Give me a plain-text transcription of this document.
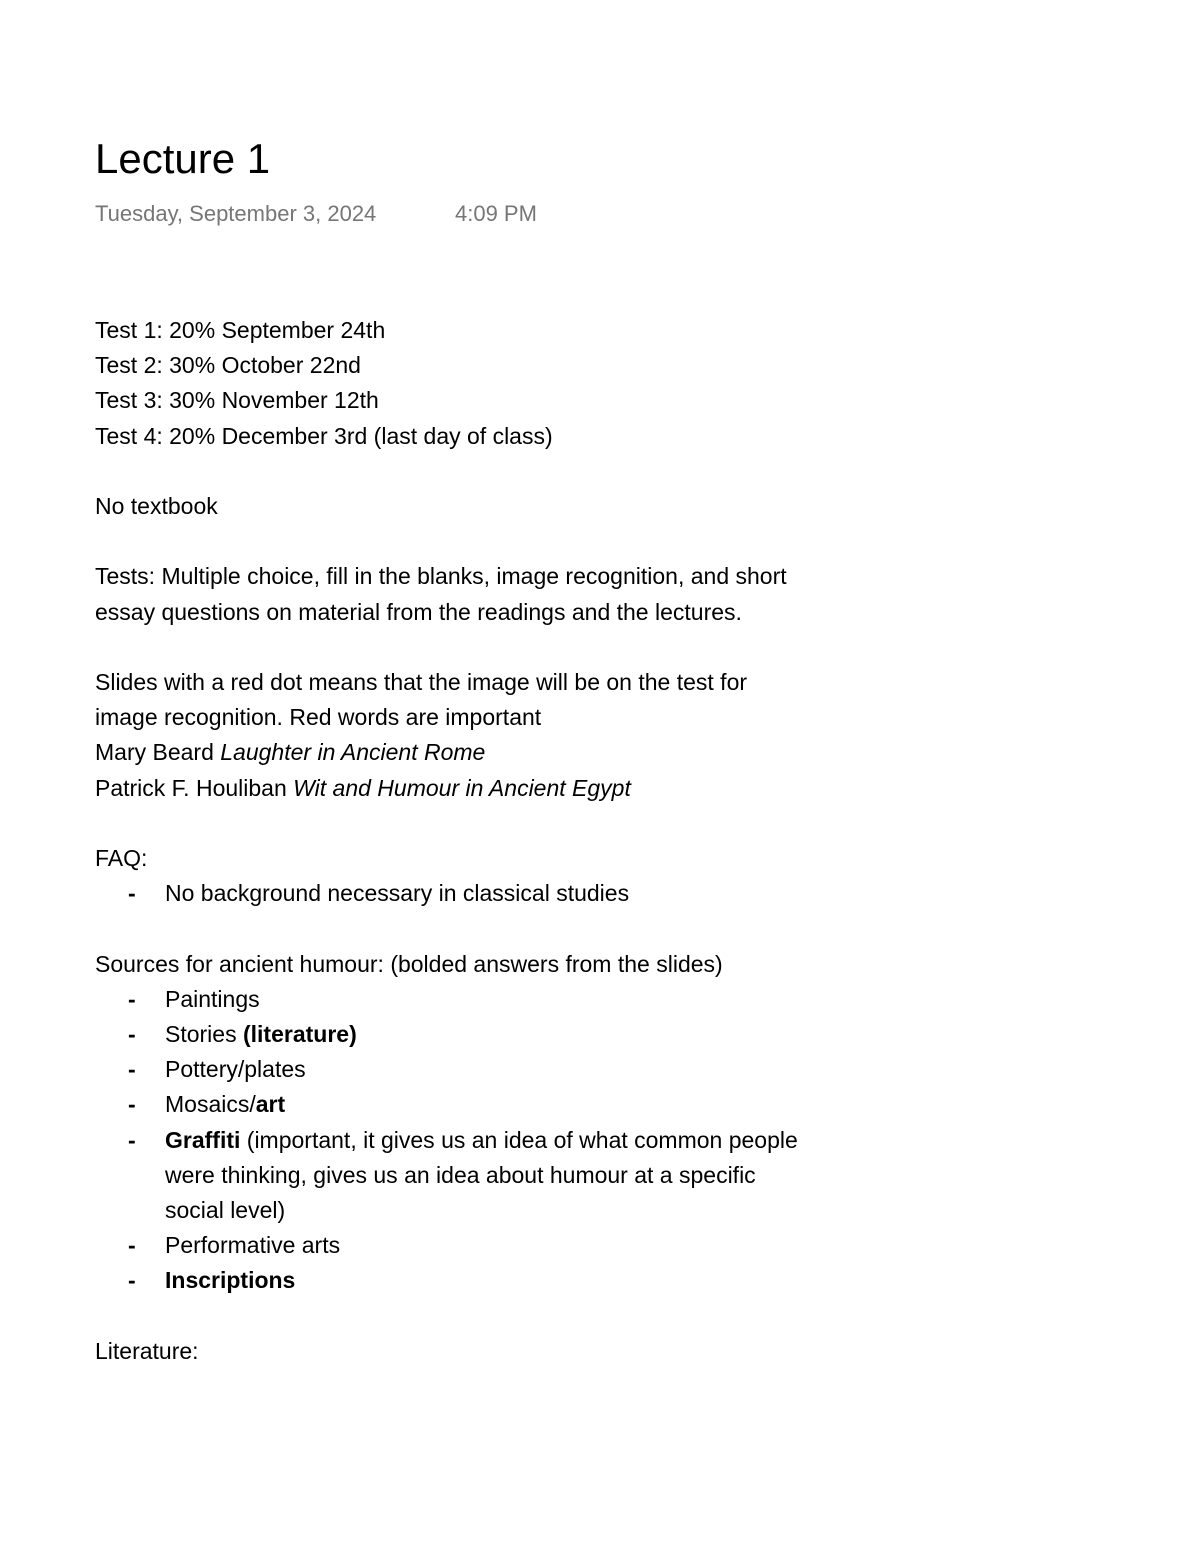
Lecture 1
Tuesday, September 3, 2024	4:09 PM
Test 1: 20% September 24th
Test 2: 30% October 22nd
Test 3: 30% November 12th
Test 4: 20% December 3rd (last day of class)
No textbook
Tests: Multiple choice, fill in the blanks, image recognition, and short essay questions on material from the readings and the lectures.
Slides with a red dot means that the image will be on the test for image recognition. Red words are important
Mary Beard Laughter in Ancient Rome
Patrick F. Houliban Wit and Humour in Ancient Egypt
FAQ:
- No background necessary in classical studies
Sources for ancient humour: (bolded answers from the slides)
- Paintings
- Stories (literature)
- Pottery/plates
- Mosaics/art
- Graffiti (important, it gives us an idea of what common people were thinking, gives us an idea about humour at a specific social level)
- Performative arts
- Inscriptions
Literature:
